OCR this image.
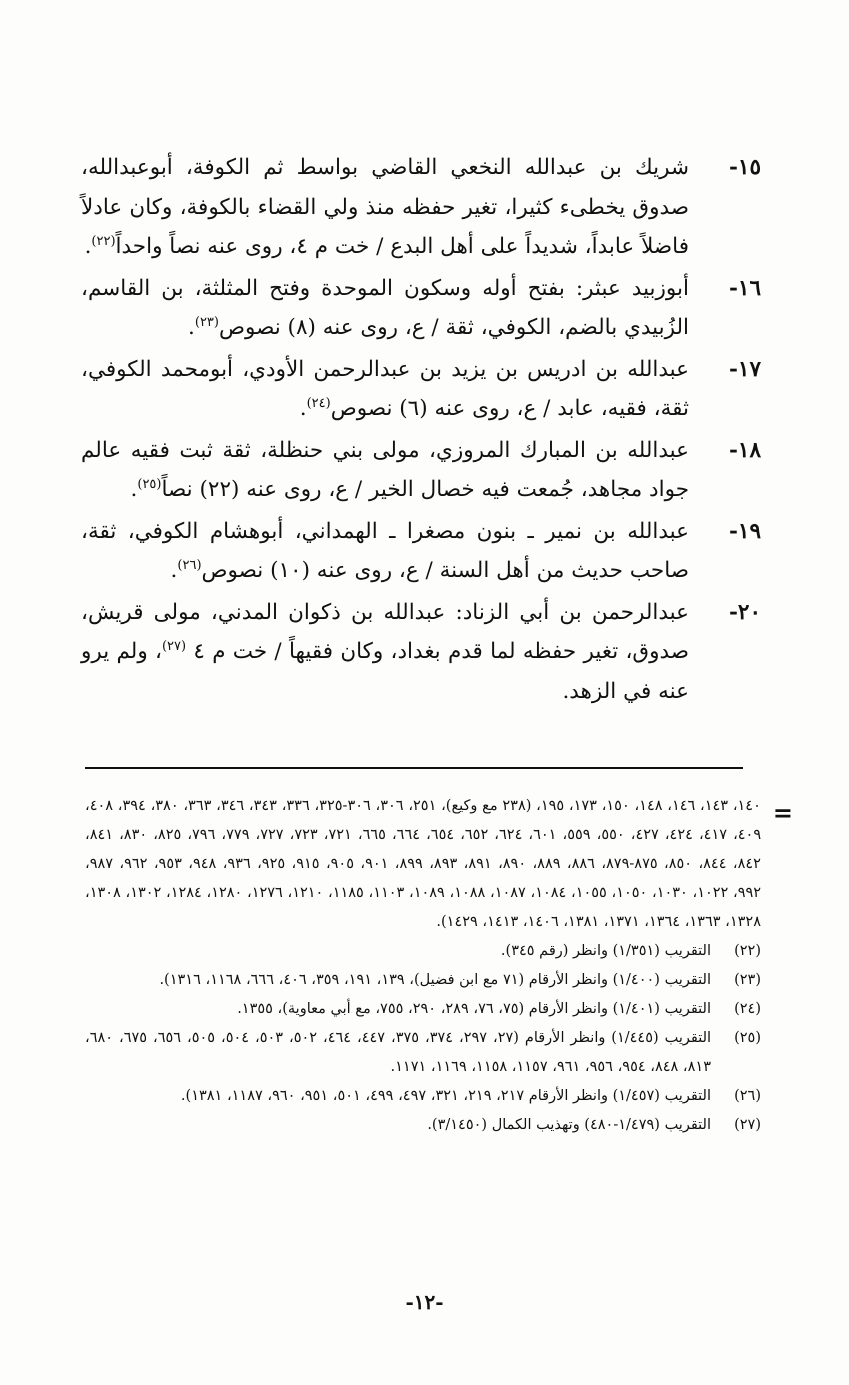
١٥-
شريك بن عبدالله النخعي القاضي بواسط ثم الكوفة، أبوعبدالله، صدوق يخطىء كثيرا، تغير حفظه منذ ولي القضاء بالكوفة، وكان عادلاً فاضلاً عابداً، شديداً على أهل البدع / خت م ٤، روى عنه نصاً واحداً$^{(٢٢)}$.
١٦-
أبوزبيد عبثر: بفتح أوله وسكون الموحدة وفتح المثلثة، بن القاسم، الزُبيدي بالضم، الكوفي، ثقة / ع، روى عنه (٨) نصوص$^{(٢٣)}$.
١٧-
عبدالله بن ادريس بن يزيد بن عبدالرحمن الأودي، أبومحمد الكوفي، ثقة، فقيه، عابد / ع، روى عنه (٦) نصوص$^{(٢٤)}$.
١٨-
عبدالله بن المبارك المروزي، مولى بني حنظلة، ثقة ثبت فقيه عالم جواد مجاهد، جُمعت فيه خصال الخير / ع، روى عنه (٢٢) نصاً$^{(٢٥)}$.
١٩-
عبدالله بن نمير ـ بنون مصغرا ـ الهمداني، أبوهشام الكوفي، ثقة، صاحب حديث من أهل السنة / ع، روى عنه (١٠) نصوص$^{(٢٦)}$.
٢٠-
عبدالرحمن بن أبي الزناد: عبدالله بن ذكوان المدني، مولى قريش، صدوق، تغير حفظه لما قدم بغداد، وكان فقيهاً / خت م ٤ $^{(٢٧)}$، ولم يرو عنه في الزهد.
=
١٤٠، ١٤٣، ١٤٦، ١٤٨، ١٥٠، ١٧٣، ١٩٥، (٢٣٨ مع وكيع)، ٢٥١، ٣٠٦، ٣٠٦-٣٢٥، ٣٣٦، ٣٤٣، ٣٤٦، ٣٦٣، ٣٨٠، ٣٩٤، ٤٠٨، ٤٠٩، ٤١٧، ٤٢٤، ٤٢٧، ٥٥٠، ٥٥٩، ٦٠١، ٦٢٤، ٦٥٢، ٦٥٤، ٦٦٤، ٦٦٥، ٧٢١، ٧٢٣، ٧٢٧، ٧٧٩، ٧٩٦، ٨٢٥، ٨٣٠، ٨٤١، ٨٤٢، ٨٤٤، ٨٥٠، ٨٧٥-٨٧٩، ٨٨٦، ٨٨٩، ٨٩٠، ٨٩١، ٨٩٣، ٨٩٩، ٩٠١، ٩٠٥، ٩١٥، ٩٢٥، ٩٣٦، ٩٤٨، ٩٥٣، ٩٦٢، ٩٨٧، ٩٩٢، ١٠٢٢، ١٠٣٠، ١٠٥٠، ١٠٥٥، ١٠٨٤، ١٠٨٧، ١٠٨٨، ١٠٨٩، ١١٠٣، ١١٨٥، ١٢١٠، ١٢٧٦، ١٢٨٠، ١٢٨٤، ١٣٠٢، ١٣٠٨، ١٣٢٨، ١٣٦٣، ١٣٦٤، ١٣٧١، ١٣٨١، ١٤٠٦، ١٤١٣، ١٤٢٩).
(٢٢)
التقريب (١/٣٥١) وانظر (رقم ٣٤٥).
(٢٣)
التقريب (١/٤٠٠) وانظر الأرقام (٧١ مع ابن فضيل)، ١٣٩، ١٩١، ٣٥٩، ٤٠٦، ٦٦٦، ١١٦٨، ١٣١٦).
(٢٤)
التقريب (١/٤٠١) وانظر الأرقام (٧٥، ٧٦، ٢٨٩، ٢٩٠، ٧٥٥، مع أبي معاوية)، ١٣٥٥.
(٢٥)
التقريب (١/٤٤٥) وانظر الأرقام (٢٧، ٢٩٧، ٣٧٤، ٣٧٥، ٤٤٧، ٤٦٤، ٥٠٢، ٥٠٣، ٥٠٤، ٥٠٥، ٦٥٦، ٦٧٥، ٦٨٠، ٨١٣، ٨٤٨، ٩٥٤، ٩٥٦، ٩٦١، ١١٥٧، ١١٥٨، ١١٦٩، ١١٧١.
(٢٦)
التقريب (١/٤٥٧) وانظر الأرقام ٢١٧، ٢١٩، ٣٢١، ٤٩٧، ٤٩٩، ٥٠١، ٩٥١، ٩٦٠، ١١٨٧، ١٣٨١).
(٢٧)
التقريب (١/٤٧٩-٤٨٠) وتهذيب الكمال (٣/١٤٥٠).
-١٢-
